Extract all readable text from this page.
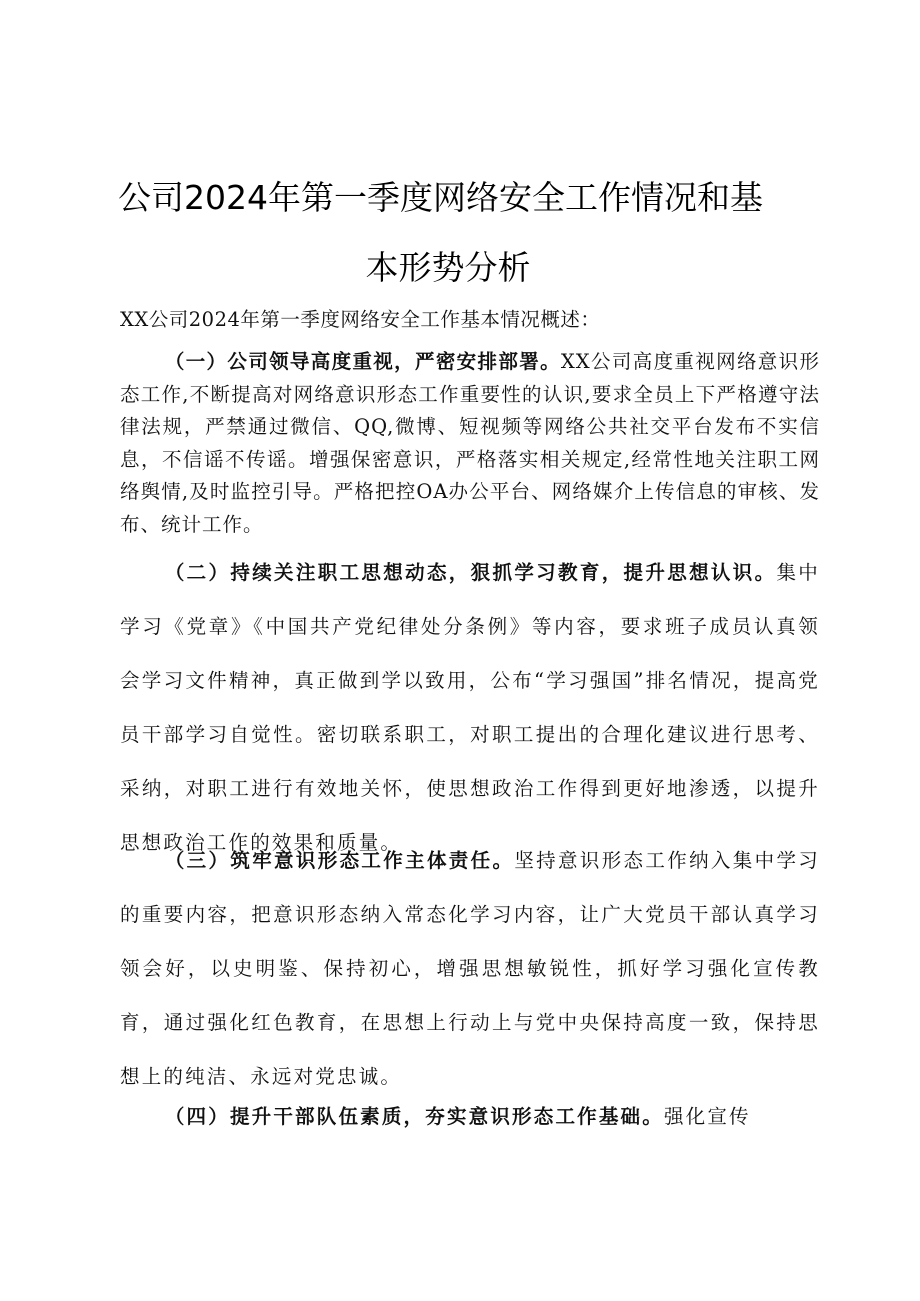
公司2024年第一季度网络安全工作情况和基
本形势分析
XX公司2024年第一季度网络安全工作基本情况概述：

（一）公司领导高度重视，严密安排部署。XX公司高度重视网络意识形态工作,不断提高对网络意识形态工作重要性的认识,要求全员上下严格遵守法律法规，严禁通过微信、QQ,微博、短视频等网络公共社交平台发布不实信息，不信谣不传谣。增强保密意识，严格落实相关规定,经常性地关注职工网络舆情,及时监控引导。严格把控OA办公平台、网络媒介上传信息的审核、发布、统计工作。

（二）持续关注职工思想动态，狠抓学习教育，提升思想认识。集中学习《党章》《中国共产党纪律处分条例》等内容，要求班子成员认真领会学习文件精神，真正做到学以致用，公布“学习强国”排名情况，提高党员干部学习自觉性。密切联系职工，对职工提出的合理化建议进行思考、采纳，对职工进行有效地关怀，使思想政治工作得到更好地渗透，以提升思想政治工作的效果和质量。

（三）筑牢意识形态工作主体责任。坚持意识形态工作纳入集中学习的重要内容，把意识形态纳入常态化学习内容，让广大党员干部认真学习领会好，以史明鉴、保持初心，增强思想敏锐性，抓好学习强化宣传教育，通过强化红色教育，在思想上行动上与党中央保持高度一致，保持思想上的纯洁、永远对党忠诚。

（四）提升干部队伍素质，夯实意识形态工作基础。强化宣传
